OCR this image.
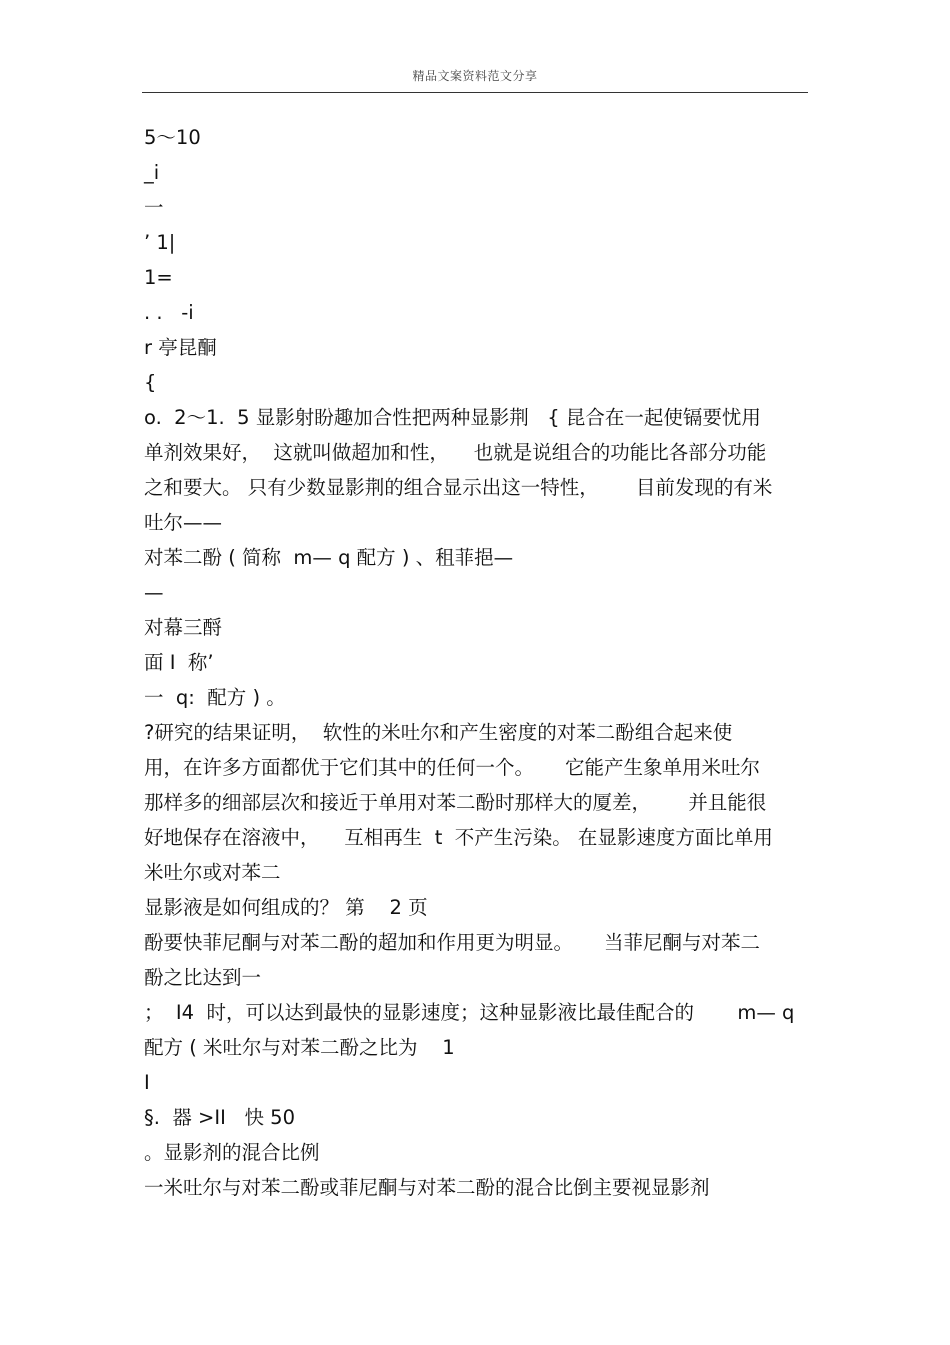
精品文案资料范文分享
5〜10
_i
一
’ 1|
1=
. .   -i
r 亭昆酮
{
o.  2〜1.  5 显影射盼趣加合性把两种显影荆   { 昆合在一起使镉要忧用
单剂效果好，  这就叫做超加和性，    也就是说组合的功能比各部分功能
之和要大。 只有少数显影荆的组合显示出这一特性，      目前发现的有米
吐尔——
对苯二酚 ( 简称  m— q 配方 ) 、租菲挹—
—
对幕三酹
面 I  称’
一  q:  配方 ) 。
?研究的结果证明，  软性的米吐尔和产生密度的对苯二酚组合起来使
用，在许多方面都优于它们其中的任何一个。     它能产生象单用米吐尔
那样多的细部层次和接近于单用对苯二酚时那样大的厦差，      并且能很
好地保存在溶液中，    互相再生  t  不产生污染。 在显影速度方面比单用
米吐尔或对苯二
显影液是如何组成的？ 第    2 页
酚要快菲尼酮与对苯二酚的超加和作用更为明显。     当菲尼酮与对苯二
酚之比达到一
；  I4  时，可以达到最快的显影速度；这种显影液比最佳配合的       m— q
配方 ( 米吐尔与对苯二酚之比为    1
I
§.  器 >II   快 50
。显影剂的混合比例
一米吐尔与对苯二酚或菲尼酮与对苯二酚的混合比倒主要视显影剂
